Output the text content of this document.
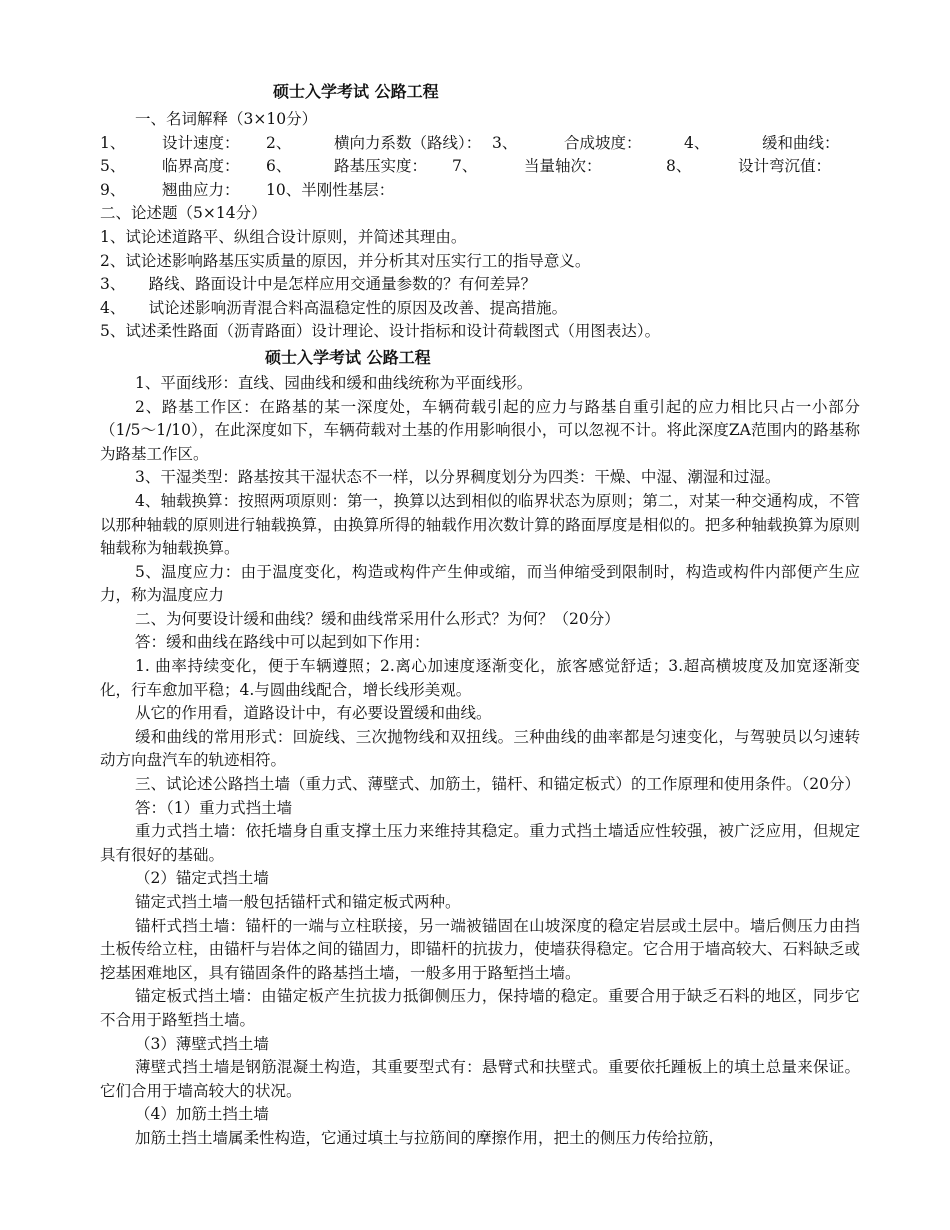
硕士入学考试 公路工程

一、名词解释（3×10分）

1、	设计速度：	2、	横向力系数（路线）： 3、	合成坡度：	4、	缓和曲线：
5、	临界高度：	6、	路基压实度：	7、	当量轴次：	8、	设计弯沉值：
9、	翘曲应力：	10、半刚性基层：

二、论述题（5×14分）

1、试论述道路平、纵组合设计原则，并简述其理由。

2、试论述影响路基压实质量的原因，并分析其对压实行工的指导意义。

3、　　路线、路面设计中是怎样应用交通量参数的？有何差异？

4、　　试论述影响沥青混合料高温稳定性的原因及改善、提高措施。

5、试述柔性路面（沥青路面）设计理论、设计指标和设计荷载图式（用图表达）。

硕士入学考试 公路工程

1、平面线形：直线、园曲线和缓和曲线统称为平面线形。

2、路基工作区：在路基的某一深度处，车辆荷载引起的应力与路基自重引起的应力相比只占一小部分（1/5～1/10），在此深度如下，车辆荷载对土基的作用影响很小，可以忽视不计。将此深度ZA范围内的路基称为路基工作区。

3、干湿类型：路基按其干湿状态不一样，以分界稠度划分为四类：干燥、中湿、潮湿和过湿。

4、轴载换算：按照两项原则：第一，换算以达到相似的临界状态为原则；第二，对某一种交通构成，不管以那种轴载的原则进行轴载换算，由换算所得的轴载作用次数计算的路面厚度是相似的。把多种轴载换算为原则轴载称为轴载换算。

5、温度应力：由于温度变化，构造或构件产生伸或缩，而当伸缩受到限制时，构造或构件内部便产生应力，称为温度应力

二、为何要设计缓和曲线？缓和曲线常采用什么形式？为何？（20分）

答：缓和曲线在路线中可以起到如下作用：

1. 曲率持续变化，便于车辆遵照；2.离心加速度逐渐变化，旅客感觉舒适；3.超高横坡度及加宽逐渐变化，行车愈加平稳；4.与圆曲线配合，增长线形美观。

从它的作用看，道路设计中，有必要设置缓和曲线。

缓和曲线的常用形式：回旋线、三次抛物线和双扭线。三种曲线的曲率都是匀速变化，与驾驶员以匀速转动方向盘汽车的轨迹相符。

三、试论述公路挡土墙（重力式、薄壁式、加筋土，锚杆、和锚定板式）的工作原理和使用条件。（20分）

答：（1）重力式挡土墙

重力式挡土墙：依托墙身自重支撑土压力来维持其稳定。重力式挡土墙适应性较强，被广泛应用，但规定具有很好的基础。

（2）锚定式挡土墙

锚定式挡土墙一般包括锚杆式和锚定板式两种。

锚杆式挡土墙：锚杆的一端与立柱联接，另一端被锚固在山坡深度的稳定岩层或土层中。墙后侧压力由挡土板传给立柱，由锚杆与岩体之间的锚固力，即锚杆的抗拔力，使墙获得稳定。它合用于墙高较大、石料缺乏或挖基困难地区，具有锚固条件的路基挡土墙，一般多用于路堑挡土墙。

锚定板式挡土墙：由锚定板产生抗拔力抵御侧压力，保持墙的稳定。重要合用于缺乏石料的地区，同步它不合用于路堑挡土墙。

（3）薄壁式挡土墙

薄壁式挡土墙是钢筋混凝土构造，其重要型式有：悬臂式和扶壁式。重要依托踵板上的填土总量来保证。它们合用于墙高较大的状况。

（4）加筋土挡土墙

加筋土挡土墙属柔性构造，它通过填土与拉筋间的摩擦作用，把土的侧压力传给拉筋，
